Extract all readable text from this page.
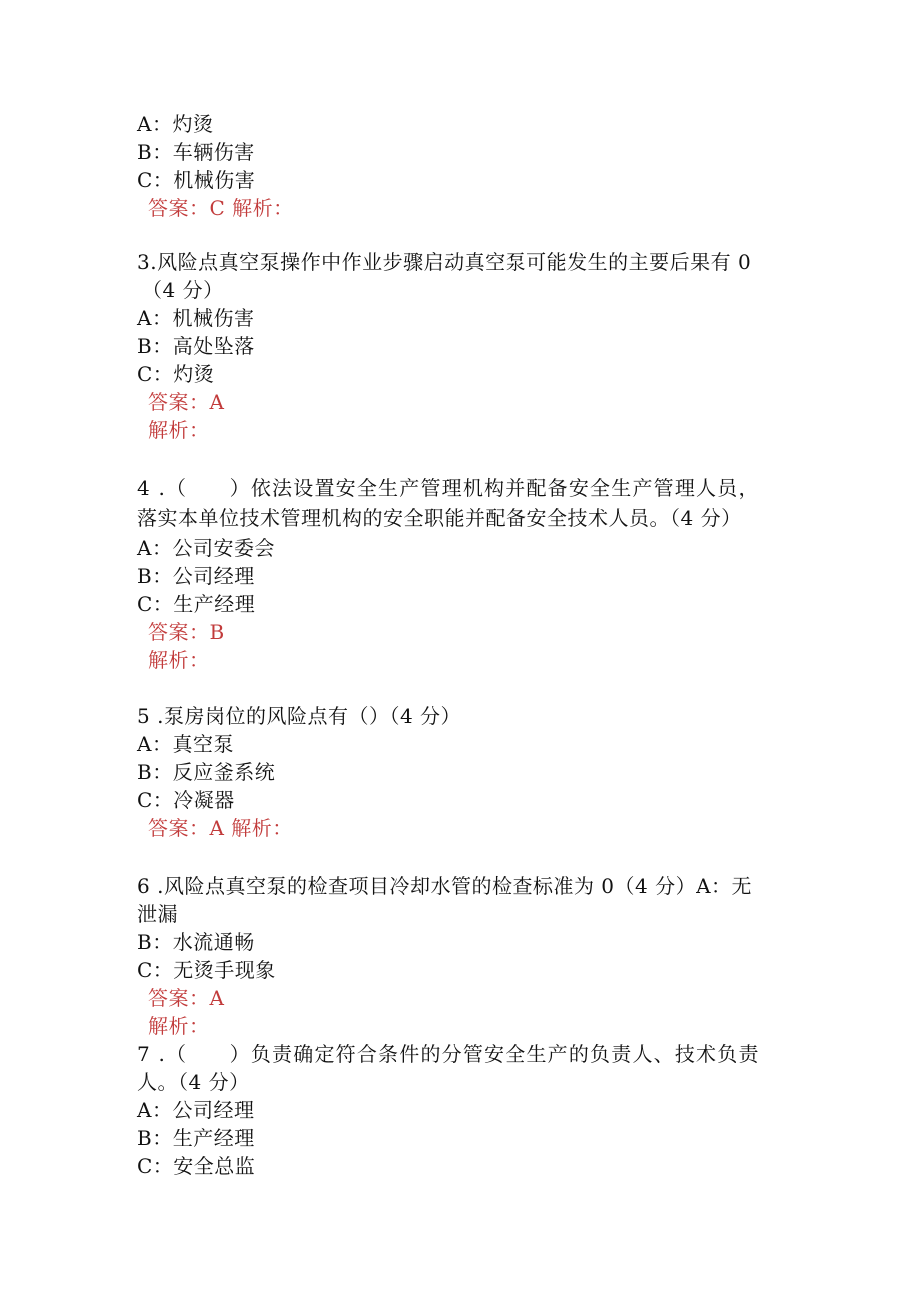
A：灼烫
B：车辆伤害
C：机械伤害
答案：C 解析：
3.风险点真空泵操作中作业步骤启动真空泵可能发生的主要后果有 0
（4 分）
A：机械伤害
B：高处坠落
C：灼烫
答案：A
解析：
4 .（　　）依法设置安全生产管理机构并配备安全生产管理人员，
落实本单位技术管理机构的安全职能并配备安全技术人员。（4 分）
A：公司安委会
B：公司经理
C：生产经理
答案：B
解析：
5 .泵房岗位的风险点有（）（4 分）
A：真空泵
B：反应釜系统
C：冷凝器
答案：A 解析：
6 .风险点真空泵的检查项目冷却水管的检查标准为 0（4 分）A：无
泄漏
B：水流通畅
C：无烫手现象
答案：A
解析：
7 .（　　）负责确定符合条件的分管安全生产的负责人、技术负责
人。（4 分）
A：公司经理
B：生产经理
C：安全总监
